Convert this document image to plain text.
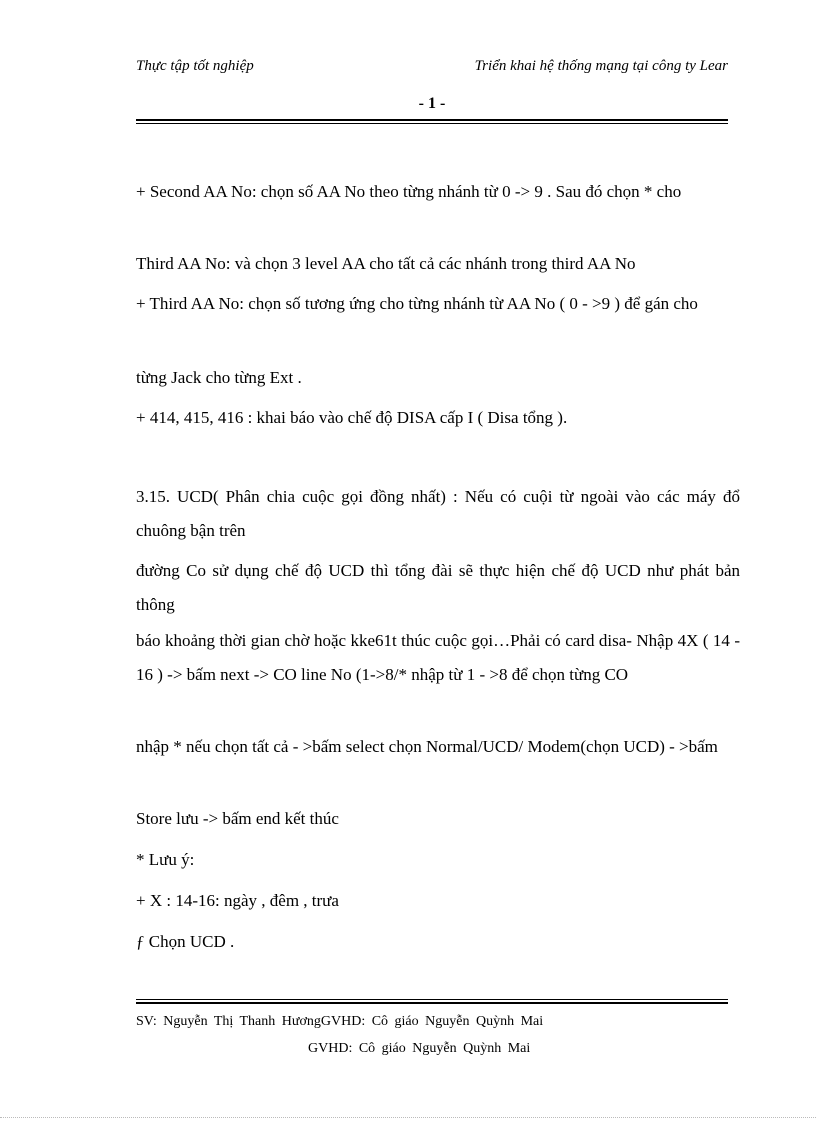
Thực tập tốt nghiệp	Triển khai hệ thống mạng tại công ty Lear
- 1 -

+ Second AA No: chọn số AA No theo từng nhánh từ 0 -> 9 . Sau đó chọn * cho

Third AA No: và chọn 3 level AA cho tất cả các nhánh trong third AA No

+ Third AA No: chọn số tương ứng cho từng nhánh từ AA No ( 0 - >9 ) để gán cho

từng Jack cho từng Ext .

+ 414, 415, 416 : khai báo vào chế độ DISA cấp I ( Disa tổng ).

3.15. UCD( Phân chia cuộc gọi đồng nhất) : Nếu có cuội từ ngoài vào các máy đổ chuông bận trên

đường Co sử dụng chế độ UCD thì tổng đài sẽ thực hiện chế độ UCD như phát bản thông

báo khoảng thời gian chờ hoặc kke61t thúc cuộc gọi…Phải có card disa- Nhập 4X ( 14 - 16 ) -> bấm next -> CO line No (1->8/* nhập từ 1 - >8 để chọn từng CO

nhập * nếu chọn tất cả - >bấm select chọn Normal/UCD/ Modem(chọn UCD) - >bấm

Store lưu -> bấm end kết thúc

* Lưu ý:

+ X : 14-16: ngày , đêm , trưa

ƒ Chọn UCD .

SV: Nguyễn Thị Thanh HươngGVHD: Cô giáo Nguyễn Quỳnh Mai
GVHD: Cô giáo Nguyễn Quỳnh Mai
